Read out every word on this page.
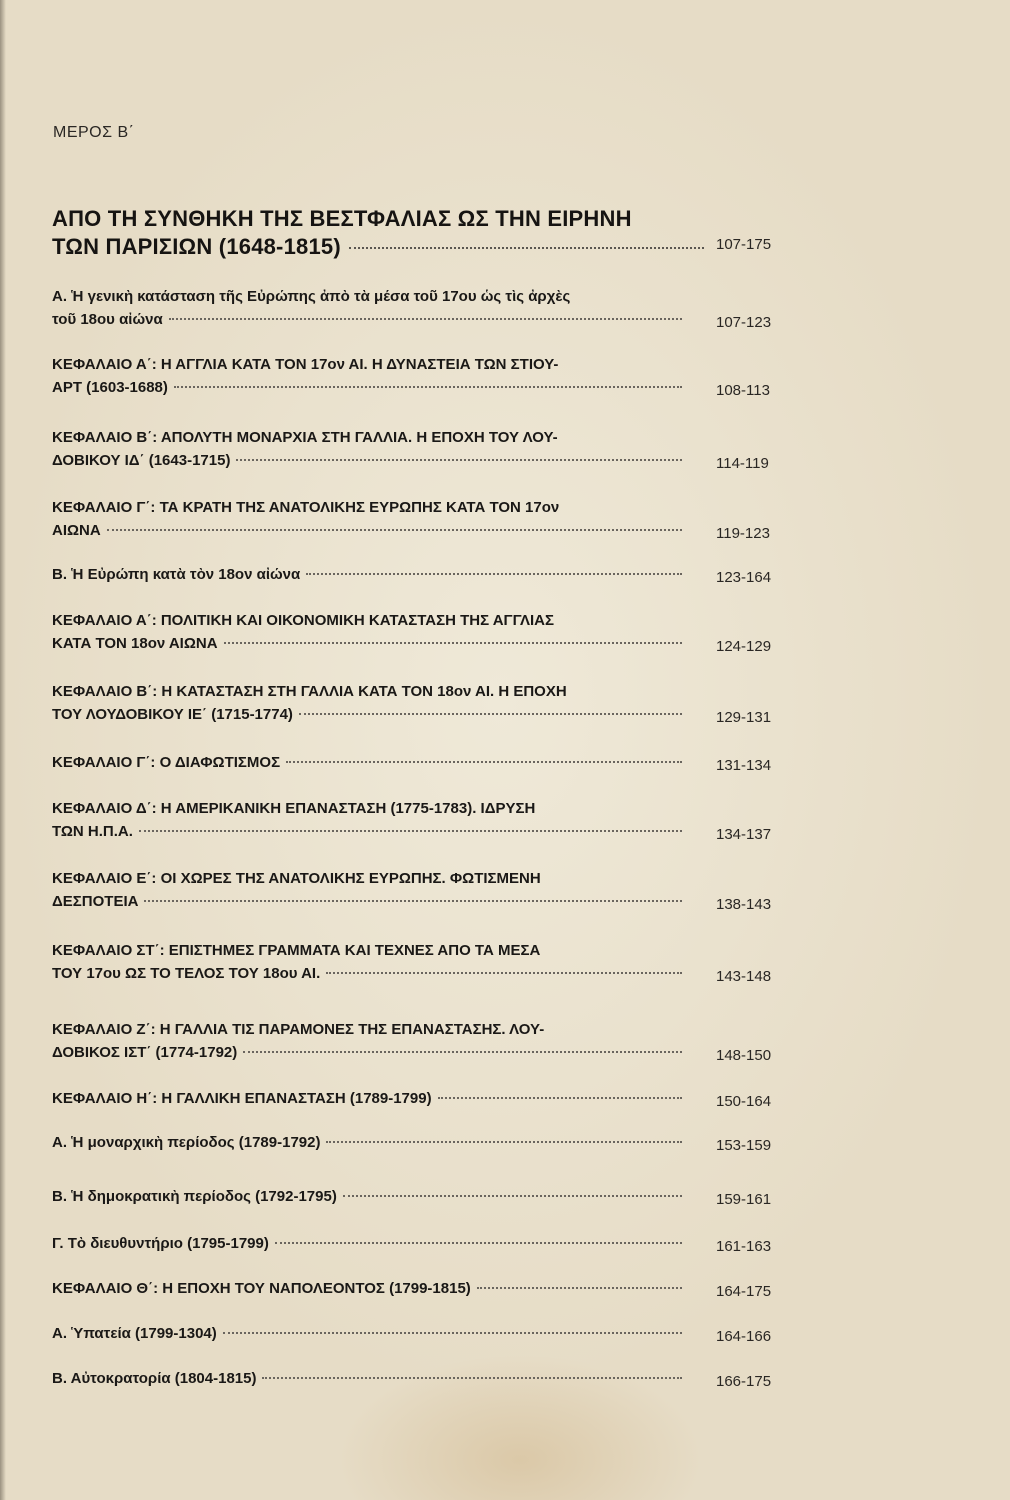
ΜΕΡΟΣ Β΄
ΑΠΟ ΤΗ ΣΥΝΘΗΚΗ ΤΗΣ ΒΕΣΤΦΑΛΙΑΣ ΩΣ ΤΗΝ ΕΙΡΗΝΗ
ΤΩΝ ΠΑΡΙΣΙΩΝ (1648-1815)	107-175
Α. Ἡ γενικὴ κατάσταση τῆς Εὐρώπης ἀπὸ τὰ μέσα τοῦ 17ου ὡς τὶς ἀρχὲς
τοῦ 18ου αἰώνα	107-123
ΚΕΦΑΛΑΙΟ Α΄: Η ΑΓΓΛΙΑ ΚΑΤΑ ΤΟΝ 17ον ΑΙ. Η ΔΥΝΑΣΤΕΙΑ ΤΩΝ ΣΤΙΟΥ-
ΑΡΤ (1603-1688)	108-113
ΚΕΦΑΛΑΙΟ Β΄: ΑΠΟΛΥΤΗ ΜΟΝΑΡΧΙΑ ΣΤΗ ΓΑΛΛΙΑ. Η ΕΠΟΧΗ ΤΟΥ ΛΟΥ-
ΔΟΒΙΚΟΥ ΙΔ΄ (1643-1715)	114-119
ΚΕΦΑΛΑΙΟ Γ΄: ΤΑ ΚΡΑΤΗ ΤΗΣ ΑΝΑΤΟΛΙΚΗΣ ΕΥΡΩΠΗΣ ΚΑΤΑ ΤΟΝ 17ον
ΑΙΩΝΑ	119-123
Β. Ἡ Εὐρώπη κατὰ τὸν 18ον αἰώνα	123-164
ΚΕΦΑΛΑΙΟ Α΄: ΠΟΛΙΤΙΚΗ ΚΑΙ ΟΙΚΟΝΟΜΙΚΗ ΚΑΤΑΣΤΑΣΗ ΤΗΣ ΑΓΓΛΙΑΣ
ΚΑΤΑ ΤΟΝ 18ον ΑΙΩΝΑ	124-129
ΚΕΦΑΛΑΙΟ Β΄: Η ΚΑΤΑΣΤΑΣΗ ΣΤΗ ΓΑΛΛΙΑ ΚΑΤΑ ΤΟΝ 18ον ΑΙ. Η ΕΠΟΧΗ
ΤΟΥ ΛΟΥΔΟΒΙΚΟΥ ΙΕ΄ (1715-1774)	129-131
ΚΕΦΑΛΑΙΟ Γ΄: Ο ΔΙΑΦΩΤΙΣΜΟΣ	131-134
ΚΕΦΑΛΑΙΟ Δ΄: Η ΑΜΕΡΙΚΑΝΙΚΗ ΕΠΑΝΑΣΤΑΣΗ (1775-1783). ΙΔΡΥΣΗ
ΤΩΝ Η.Π.Α.	134-137
ΚΕΦΑΛΑΙΟ Ε΄: ΟΙ ΧΩΡΕΣ ΤΗΣ ΑΝΑΤΟΛΙΚΗΣ ΕΥΡΩΠΗΣ. ΦΩΤΙΣΜΕΝΗ
ΔΕΣΠΟΤΕΙΑ	138-143
ΚΕΦΑΛΑΙΟ ΣΤ΄: ΕΠΙΣΤΗΜΕΣ ΓΡΑΜΜΑΤΑ ΚΑΙ ΤΕΧΝΕΣ ΑΠΟ ΤΑ ΜΕΣΑ
ΤΟΥ 17ου ΩΣ ΤΟ ΤΕΛΟΣ ΤΟΥ 18ου ΑΙ.	143-148
ΚΕΦΑΛΑΙΟ Ζ΄: Η ΓΑΛΛΙΑ ΤΙΣ ΠΑΡΑΜΟΝΕΣ ΤΗΣ ΕΠΑΝΑΣΤΑΣΗΣ. ΛΟΥ-
ΔΟΒΙΚΟΣ ΙΣΤ΄ (1774-1792)	148-150
ΚΕΦΑΛΑΙΟ Η΄: Η ΓΑΛΛΙΚΗ ΕΠΑΝΑΣΤΑΣΗ (1789-1799)	150-164
Α. Ἡ μοναρχικὴ περίοδος (1789-1792)	153-159
Β. Ἡ δημοκρατικὴ περίοδος (1792-1795)	159-161
Γ. Τὸ διευθυντήριο (1795-1799)	161-163
ΚΕΦΑΛΑΙΟ Θ΄: Η ΕΠΟΧΗ ΤΟΥ ΝΑΠΟΛΕΟΝΤΟΣ (1799-1815)	164-175
Α. Ὑπατεία (1799-1304)	164-166
Β. Αὐτοκρατορία (1804-1815)	166-175
